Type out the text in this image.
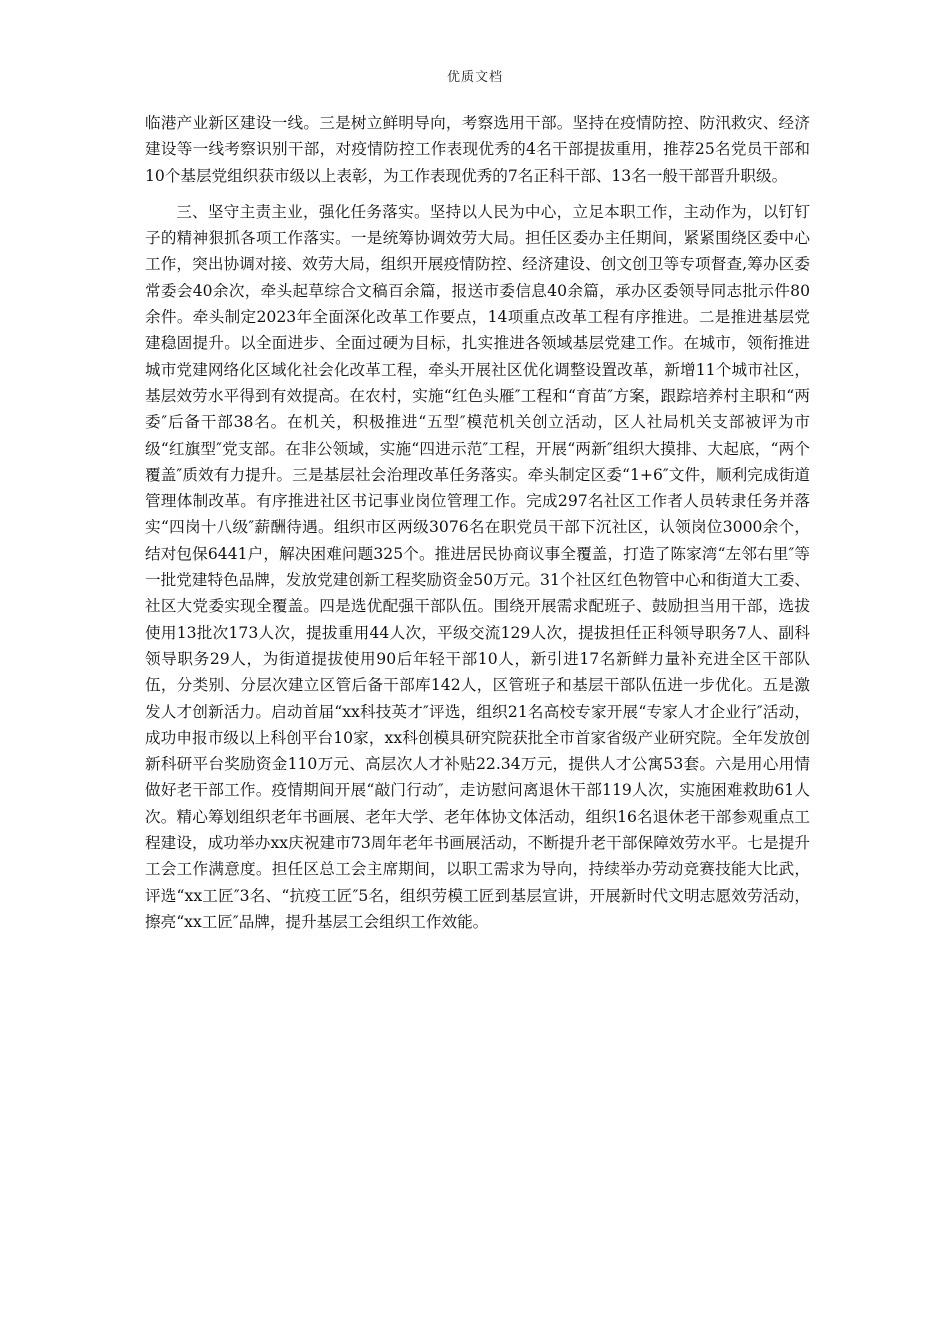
优质文档

临港产业新区建设一线。三是树立鲜明导向，考察选用干部。坚持在疫情防控、防汛救灾、经济建设等一线考察识别干部，对疫情防控工作表现优秀的4名干部提拔重用，推荐25名党员干部和10个基层党组织获市级以上表彰，为工作表现优秀的7名正科干部、13名一般干部晋升职级。

三、坚守主责主业，强化任务落实。坚持以人民为中心，立足本职工作，主动作为，以钉钉子的精神狠抓各项工作落实。一是统筹协调效劳大局。担任区委办主任期间，紧紧围绕区委中心工作，突出协调对接、效劳大局，组织开展疫情防控、经济建设、创文创卫等专项督查,筹办区委常委会40余次，牵头起草综合文稿百余篇，报送市委信息40余篇，承办区委领导同志批示件80余件。牵头制定2023年全面深化改革工作要点，14项重点改革工程有序推进。二是推进基层党建稳固提升。以全面进步、全面过硬为目标，扎实推进各领域基层党建工作。在城市，领衔推进城市党建网络化区域化社会化改革工程，牵头开展社区优化调整设置改革，新增11个城市社区，基层效劳水平得到有效提高。在农村，实施“红色头雁″工程和“育苗″方案，跟踪培养村主职和“两委″后备干部38名。在机关，积极推进“五型″模范机关创立活动，区人社局机关支部被评为市级“红旗型″党支部。在非公领域，实施“四进示范″工程，开展“两新″组织大摸排、大起底，“两个覆盖″质效有力提升。三是基层社会治理改革任务落实。牵头制定区委“1+6″文件，顺利完成街道管理体制改革。有序推进社区书记事业岗位管理工作。完成297名社区工作者人员转隶任务并落实“四岗十八级″薪酬待遇。组织市区两级3076名在职党员干部下沉社区，认领岗位3000余个，结对包保6441户，解决困难问题325个。推进居民协商议事全覆盖，打造了陈家湾“左邻右里″等一批党建特色品牌，发放党建创新工程奖励资金50万元。31个社区红色物管中心和街道大工委、社区大党委实现全覆盖。四是选优配强干部队伍。围绕开展需求配班子、鼓励担当用干部，选拔使用13批次173人次，提拔重用44人次，平级交流129人次，提拔担任正科领导职务7人、副科领导职务29人，为街道提拔使用90后年轻干部10人，新引进17名新鲜力量补充进全区干部队伍，分类别、分层次建立区管后备干部库142人，区管班子和基层干部队伍进一步优化。五是激发人才创新活力。启动首届“xx科技英才″评选，组织21名高校专家开展“专家人才企业行″活动，成功申报市级以上科创平台10家，xx科创模具研究院获批全市首家省级产业研究院。全年发放创新科研平台奖励资金110万元、高层次人才补贴22.34万元，提供人才公寓53套。六是用心用情做好老干部工作。疫情期间开展“敲门行动″，走访慰问离退休干部119人次，实施困难救助61人次。精心筹划组织老年书画展、老年大学、老年体协文体活动，组织16名退休老干部参观重点工程建设，成功举办xx庆祝建市73周年老年书画展活动，不断提升老干部保障效劳水平。七是提升工会工作满意度。担任区总工会主席期间，以职工需求为导向，持续举办劳动竞赛技能大比武，评选“xx工匠″3名、“抗疫工匠″5名，组织劳模工匠到基层宣讲，开展新时代文明志愿效劳活动，擦亮“xx工匠″品牌，提升基层工会组织工作效能。
